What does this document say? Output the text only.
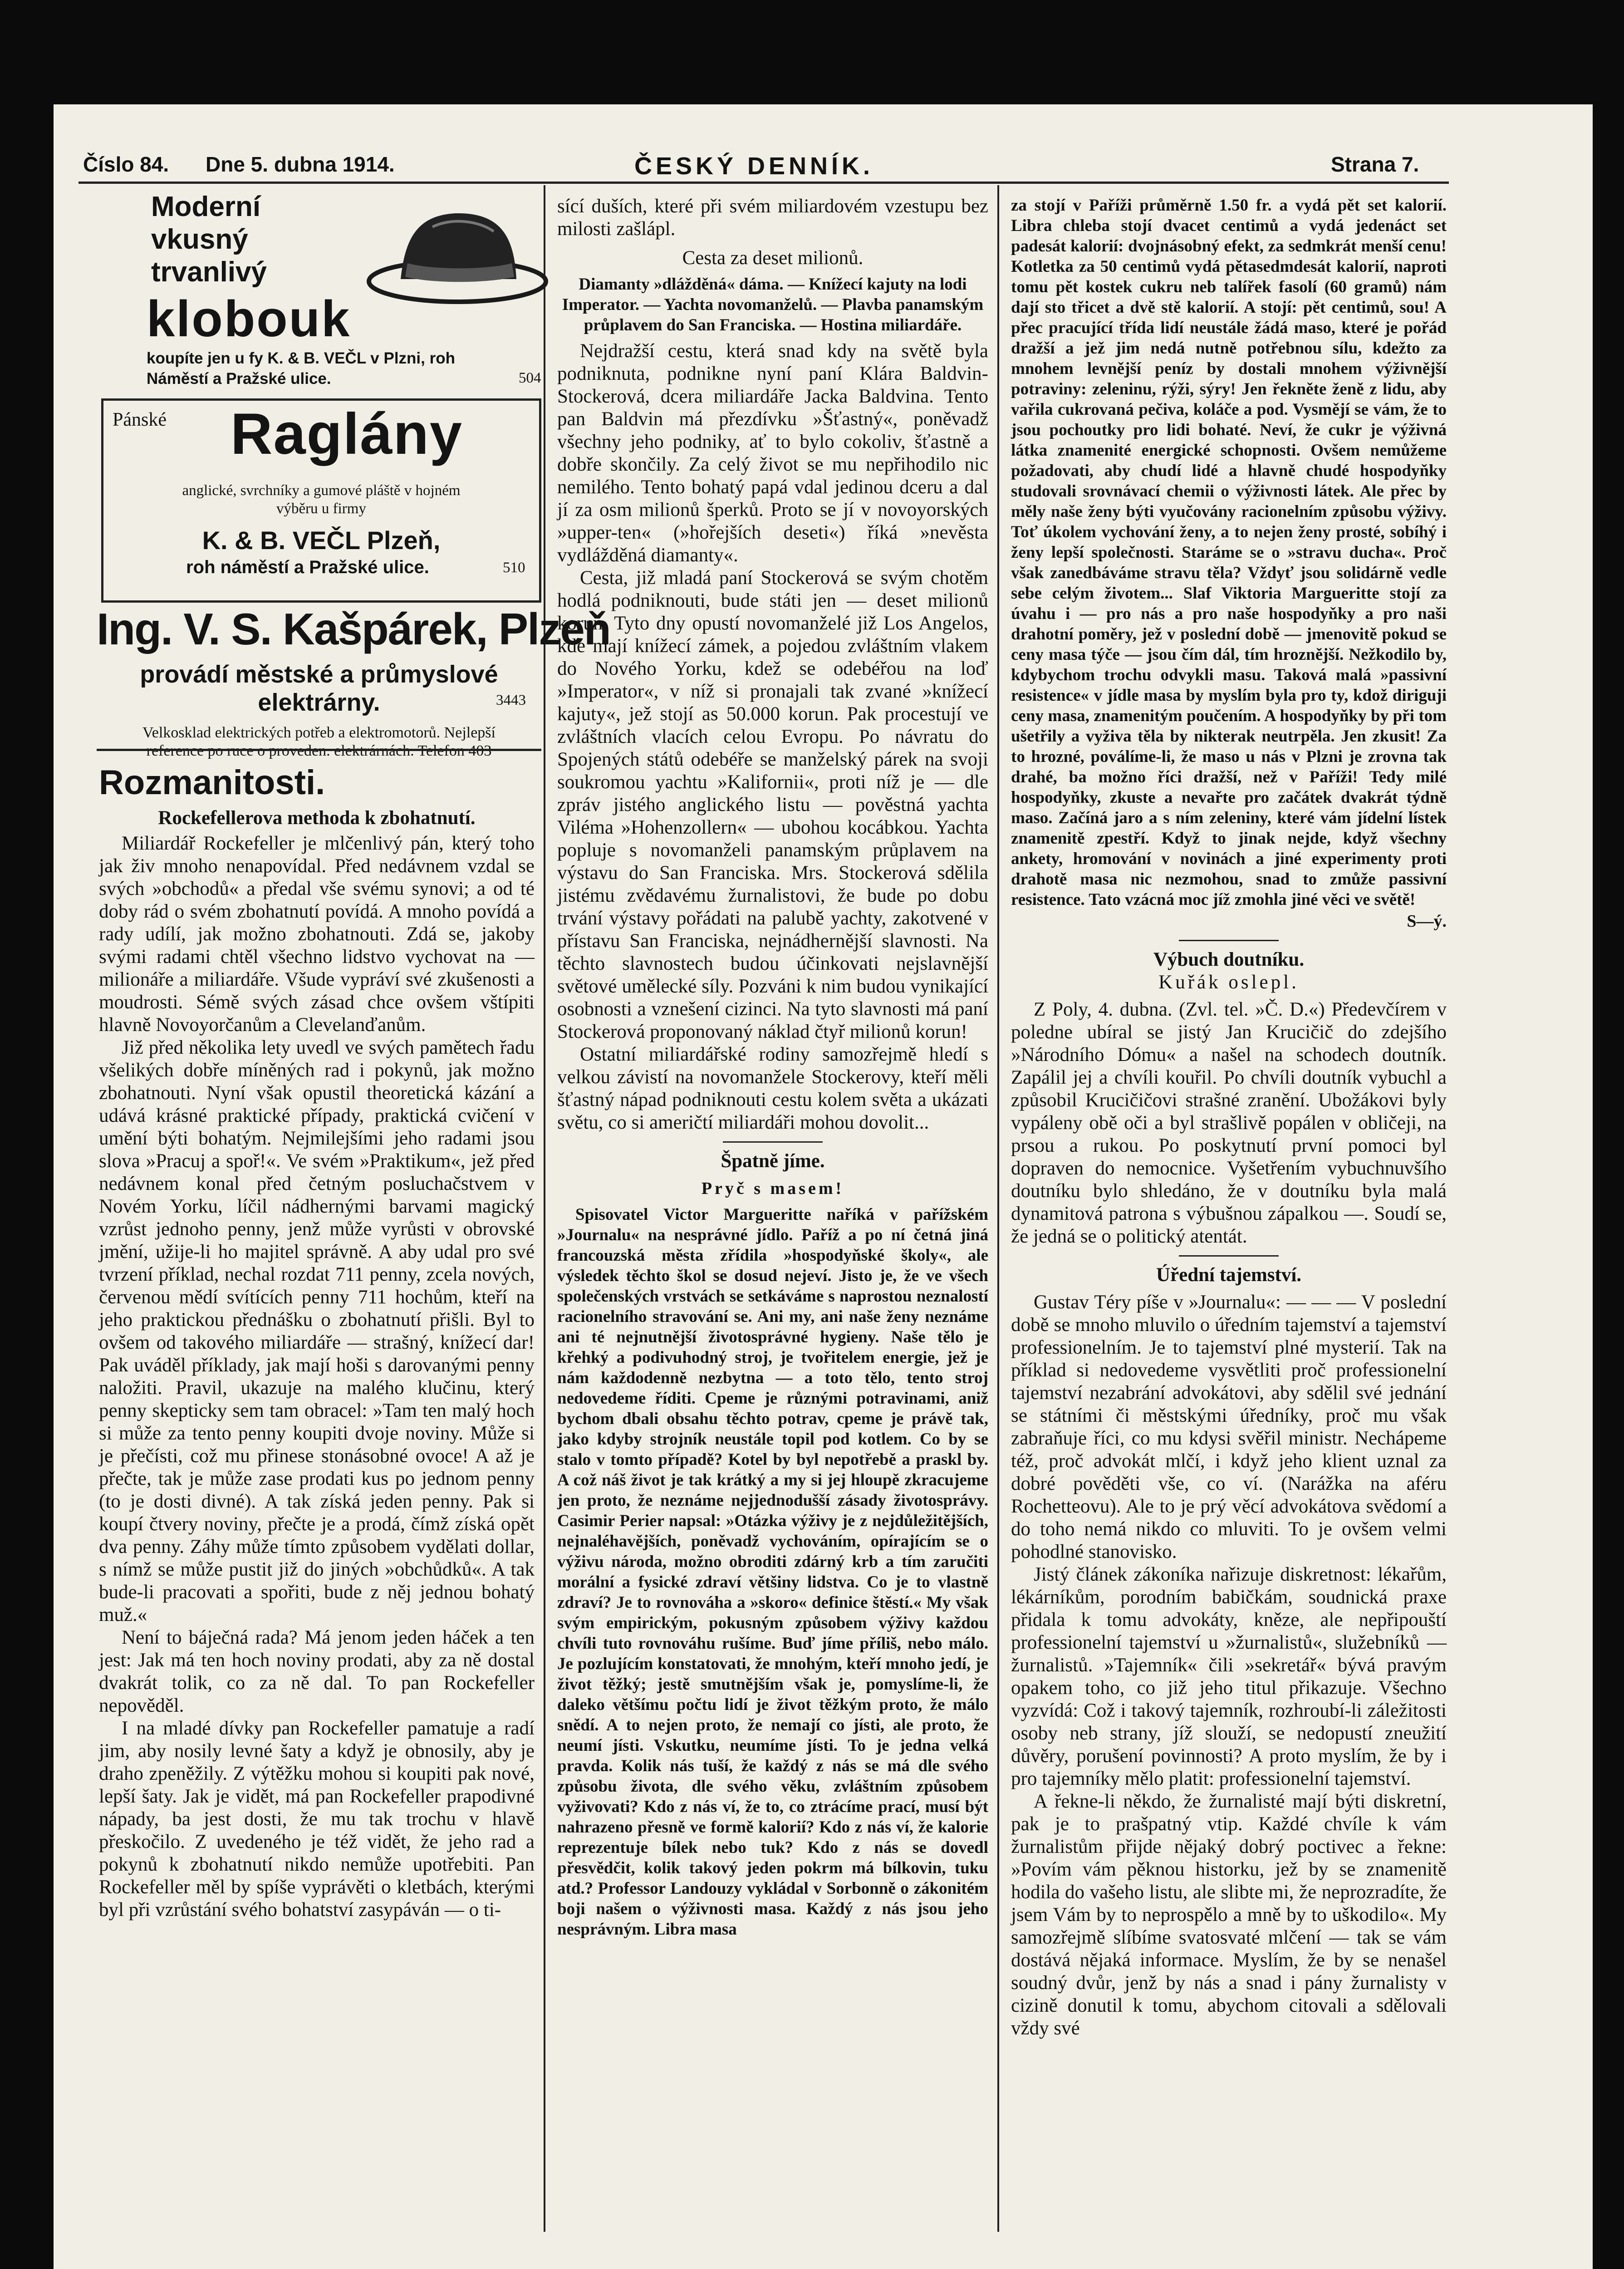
Číslo 84. Dne 5. dubna 1914.	ČESKÝ DENNÍK.	Strana 7.
Moderní
vkusný
trvanlivý
klobouk
koupíte jen u fy K. & B. VEČL v Plzni, roh
Náměstí a Pražské ulice.	504
Pánské Raglány
anglické, svrchníky a gumové pláště v hojném
výběru u firmy
K. & B. VEČL Plzeň,
roh náměstí a Pražské ulice.	510
Ing. V. S. Kašpárek, Plzeň
provádí městské a průmyslové
elektrárny.	3443
Velkosklad elektrických potřeb a elektromotorů. Nejlepší
Rozmanitosti.
Rockefellerova methoda k zbohatnutí.

Miliardář Rockefeller je mlčenlivý pán, který toho jak živ mnoho nenapovídal. Před nedávnem vzdal se svých »obchodů« a předal vše svému synovi; a od té doby rád o svém zbohatnutí povídá. A mnoho povídá a rady udílí, jak možno zbohatnouti. Zdá se, jakoby svými radami chtěl všechno lidstvo vychovat na — milionáře a miliardáře. Všude vypráví své zkušenosti a moudrosti. Sémě svých zásad chce ovšem vštípiti hlavně Novoyorčanům a Clevelanďanům.

Již před několika lety uvedl ve svých pamětech řadu všelikých dobře míněných rad i pokynů, jak možno zbohatnouti. Nyní však opustil theoretická kázání a udává krásné praktické případy, praktická cvičení v umění býti bohatým. Nejmilejšími jeho radami jsou slova »Pracuj a spoř!«. Ve svém »Praktikum«, jež před nedávnem konal před četným posluchačstvem v Novém Yorku, líčil nádhernými barvami magický vzrůst jednoho penny, jenž může vyrůsti v obrovské jmění, užije-li ho majitel správně. A aby udal pro své tvrzení příklad, nechal rozdat 711 penny, zcela nových, červenou mědí svítících penny 711 hochům, kteří na jeho praktickou přednášku o zbohatnutí přišli. Byl to ovšem od takového miliardáře — strašný, knížecí dar! Pak uváděl příklady, jak mají hoši s darovanými penny naložiti. Pravil, ukazuje na malého klučinu, který penny skepticky sem tam obracel: »Tam ten malý hoch si může za tento penny koupiti dvoje noviny. Může si je přečísti, což mu přinese stonásobné ovoce! A až je přečte, tak je může zase prodati kus po jednom penny (to je dosti divné). A tak získá jeden penny. Pak si koupí čtvery noviny, přečte je a prodá, čímž získá opět dva penny. Záhy může tímto způsobem vydělati dollar, s nímž se může pustit již do jiných »obchůdků«. A tak bude-li pracovati a spořiti, bude z něj jednou bohatý muž.«

Není to báječná rada? Má jenom jeden háček a ten jest: Jak má ten hoch noviny prodati, aby za ně dostal dvakrát tolik, co za ně dal. To pan Rockefeller nepověděl.

I na mladé dívky pan Rockefeller pamatuje a radí jim, aby nosily levné šaty a když je obnosily, aby je draho zpeněžily. Z výtěžku mohou si koupiti pak nové, lepší šaty. Jak je vidět, má pan Rockefeller prapodivné nápady, ba jest dosti, že mu tak trochu v hlavě přeskočilo. Z uvedeného je též vidět, že jeho rad a pokynů k zbohatnutí nikdo nemůže upotřebiti. Pan Rockefeller měl by spíše vyprávěti o kletbách, kterými byl při vzrůstání svého bohatství zasypáván — o ti-

sící duších, které při svém miliardovém vzestupu bez milosti zašlápl.

Cesta za deset milionů.
Diamanty »dlážděná« dáma. — Knížecí kajuty na lodi Imperator. — Yachta novomanželů. — Plavba panamským průplavem do San Franciska. — Hostina miliardáře.

Nejdražší cestu, která snad kdy na světě byla podniknuta, podnikne nyní paní Klára Baldvin-Stockerová, dcera miliardáře Jacka Baldvina. Tento pan Baldvin má přezdívku »Šťastný«, poněvadž všechny jeho podniky, ať to bylo cokoliv, šťastně a dobře skončily. Za celý život se mu nepřihodilo nic nemilého. Tento bohatý papá vdal jedinou dceru a dal jí za osm milionů šperků. Proto se jí v novoyorských »upper-ten« (»hořejších deseti«) říká »nevěsta vydlážděná diamanty«.

Cesta, již mladá paní Stockerová se svým chotěm hodlá podniknouti, bude státi jen — deset milionů korun. Tyto dny opustí novomanželé již Los Angelos, kde mají knížecí zámek, a pojedou zvláštním vlakem do Nového Yorku, kdež se odebéřou na loď »Imperator«, v níž si pronajali tak zvané »knížecí kajuty«, jež stojí as 50.000 korun. Pak procestují ve zvláštních vlacích celou Evropu. Po návratu do Spojených států odebéře se manželský párek na svoji soukromou yachtu »Kalifornii«, proti níž je — dle zpráv jistého anglického listu — pověstná yachta Viléma »Hohenzollern« — ubohou kocábkou. Yachta popluje s novomanželi panamským průplavem na výstavu do San Franciska. Mrs. Stockerová sdělila jistému zvědavému žurnalistovi, že bude po dobu trvání výstavy pořádati na palubě yachty, zakotvené v přístavu San Franciska, nejnádhernější slavnosti. Na těchto slavnostech budou účinkovati nejslavnější světové umělecké síly. Pozváni k nim budou vynikající osobnosti a vznešení cizinci. Na tyto slavnosti má paní Stockerová proponovaný náklad čtyř milionů korun!

Ostatní miliardářské rodiny samozřejmě hledí s velkou závistí na novomanžele Stockerovy, kteří měli šťastný nápad podniknouti cestu kolem světa a ukázati světu, co si američtí miliardáři mohou dovolit...

Špatně jíme.
Pryč s masem!

Spisovatel Victor Margueritte naříká v pařížském »Journalu« na nesprávné jídlo. Paříž a po ní četná jiná francouzská města zřídila »hospodyňské školy«, ale výsledek těchto škol se dosud nejeví. Jisto je, že ve všech společenských vrstvách se setkáváme s naprostou neznalostí racionelního stravování se. Ani my, ani naše ženy neznáme ani té nejnutnější životosprávné hygieny. Naše tělo je křehký a podivuhodný stroj, je tvořitelem energie, jež je nám každodenně nezbytna — a toto tělo, tento stroj nedovedeme říditi. Cpeme je různými potravinami, aniž bychom dbali obsahu těchto potrav, cpeme je právě tak, jako kdyby strojník neustále topil pod kotlem. Co by se stalo v tomto případě? Kotel by byl nepotřebě a praskl by. A což náš život je tak krátký a my si jej hloupě zkracujeme jen proto, že neznáme nejjednodušší zásady životosprávy. Casimir Perier napsal: »Otázka výživy je z nejdůležitějších, nejnaléhavějších, poněvadž vychováním, opírajícím se o výživu národa, možno obroditi zdárný krb a tím zaručiti morální a fysické zdraví většiny lidstva. Co je to vlastně zdraví? Je to rovnováha a »skoro« definice štěstí.« My však svým empirickým, pokusným způsobem výživy každou chvíli tuto rovnováhu rušíme. Buď jíme příliš, nebo málo. Je pozlujícím konstatovati, že mnohým, kteří mnoho jedí, je život těžký; jestě smutnějším však je, pomyslíme-li, že daleko většímu počtu lidí je život těžkým proto, že málo snědí. A to nejen proto, že nemají co jísti, ale proto, že neumí jísti. Vskutku, neumíme jísti. To je jedna velká pravda. Kolik nás tuší, že každý z nás se má dle svého způsobu života, dle svého věku, zvláštním způsobem vyživovati? Kdo z nás ví, že to, co ztrácíme prací, musí být nahrazeno přesně ve formě kalorií? Kdo z nás ví, že kalorie reprezentuje bílek nebo tuk? Kdo z nás se dovedl přesvědčit, kolik takový jeden pokrm má bílkovin, tuku atd.? Professor Landouzy vykládal v Sorbonně o zákonitém boji našem o výživnosti masa. Každý z nás jsou jeho nesprávným. Libra masa

za stojí v Paříži průměrně 1.50 fr. a vydá pět set kalorií. Libra chleba stojí dvacet centimů a vydá jedenáct set padesát kalorií: dvojnásobný efekt, za sedmkrát menší cenu! Kotletka za 50 centimů vydá pětasedmdesát kalorií, naproti tomu pět kostek cukru neb talířek fasolí (60 gramů) nám dají sto třicet a dvě stě kalorií. A stojí: pět centimů, sou! A přec pracující třída lidí neustále žádá maso, které je pořád dražší a jež jim nedá nutně potřebnou sílu, kdežto za mnohem levnější peníz by dostali mnohem výživnější potraviny: zeleninu, rýži, sýry! Jen řekněte ženě z lidu, aby vařila cukrovaná pečiva, koláče a pod. Vysmějí se vám, že to jsou pochoutky pro lidi bohaté. Neví, že cukr je výživná látka znamenité energické schopnosti. Ovšem nemůžeme požadovati, aby chudí lidé a hlavně chudé hospodyňky studovali srovnávací chemii o výživnosti látek. Ale přec by měly naše ženy býti vyučovány racionelním způsobu výživy. Toť úkolem vychování ženy, a to nejen ženy prosté, sobíhý i ženy lepší společnosti. Staráme se o »stravu ducha«. Proč však zanedbáváme stravu těla? Vždyť jsou solidárně vedle sebe celým životem... Slaf Viktoria Margueritte stojí za úvahu i — pro nás a pro naše hospodyňky a pro naši drahotní poměry, jež v poslední době — jmenovitě pokud se ceny masa týče — jsou čím dál, tím hroznější. Nežkodilo by, kdybychom trochu odvykli masu. Taková malá »passivní resistence« v jídle masa by myslím byla pro ty, kdož diriguji ceny masa, znamenitým poučením. A hospodyňky by při tom ušetřily a vyživa těla by nikterak neutrpěla. Jen zkusit! Za to hrozné, poválíme-li, že maso u nás v Plzni je zrovna tak drahé, ba možno říci dražší, než v Paříži! Tedy milé hospodyňky, zkuste a nevařte pro začátek dvakrát týdně maso. Začíná jaro a s ním zeleniny, které vám jídelní lístek znamenitě zpestří. Když to jinak nejde, když všechny ankety, hromování v novinách a jiné experimenty proti drahotě masa nic nezmohou, snad to zmůže passivní resistence. Tato vzácná moc jíž zmohla jiné věci ve světě!

S—ý.
Výbuch doutníku.
Kuřák oslepl.

Z Poly, 4. dubna. (Zvl. tel. »Č. D.«) Předevčírem v poledne ubíral se jistý Jan Krucičič do zdejšího »Národního Dómu« a našel na schodech doutník. Zapálil jej a chvíli kouřil. Po chvíli doutník vybuchl a způsobil Krucičičovi strašné zranění. Ubožákovi byly vypáleny obě oči a byl strašlivě popálen v obličeji, na prsou a rukou. Po poskytnutí první pomoci byl dopraven do nemocnice. Vyšetřením vybuchnuvšího doutníku bylo shledáno, že v doutníku byla malá dynamitová patrona s výbušnou zápalkou —. Soudí se, že jedná se o politický atentát.

Úřední tajemství.

Gustav Téry píše v »Journalu«: — — — V poslední době se mnoho mluvilo o úředním tajemství a tajemství professionelním. Je to tajemství plné mysterií. Tak na příklad si nedovedeme vysvětliti proč professionelní tajemství nezabrání advokátovi, aby sdělil své jednání se státními či městskými úředníky, proč mu však zabraňuje říci, co mu kdysi svěřil ministr. Nechápeme též, proč advokát mlčí, i když jeho klient uznal za dobré pověděti vše, co ví. (Narážka na aféru Rochetteovu). Ale to je prý věcí advokátova svědomí a do toho nemá nikdo co mluviti. To je ovšem velmi pohodlné stanovisko.

Jistý článek zákoníka nařizuje diskretnost: lékařům, lékárníkům, porodním babičkám, soudnická praxe přidala k tomu advokáty, kněze, ale nepřipouští professionelní tajemství u »žurnalistů«, služebníků — žurnalistů. »Tajemník« čili »sekretář« bývá pravým opakem toho, co již jeho titul přikazuje. Všechno vyzvídá: Což i takový tajemník, rozhroubí-li záležitosti osoby neb strany, jíž slouží, se nedopustí zneužití důvěry, porušení povinnosti? A proto myslím, že by i pro tajemníky mělo platit: professionelní tajemství.

A řekne-li někdo, že žurnalisté mají býti diskretní, pak je to prašpatný vtip. Každé chvíle k vám žurnalistům přijde nějaký dobrý poctivec a řekne: »Povím vám pěknou historku, jež by se znamenitě hodila do vašeho listu, ale slibte mi, že neprozradíte, že jsem Vám by to neprospělo a mně by to uškodilo«. My samozřejmě slíbíme svatosvaté mlčení — tak se vám dostává nějaká informace. Myslím, že by se nenašel soudný dvůr, jenž by nás a snad i pány žurnalisty v cizině donutil k tomu, abychom citovali a sdělovali vždy své
